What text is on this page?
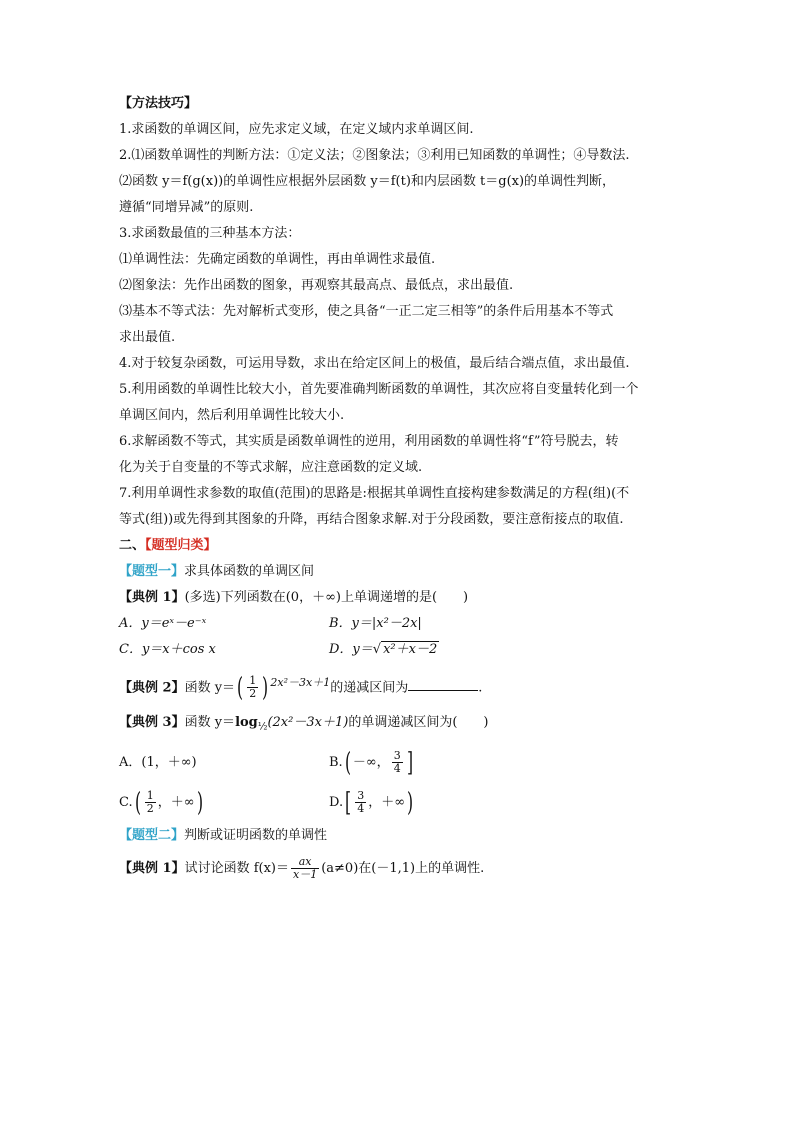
【方法技巧】
1.求函数的单调区间，应先求定义域，在定义域内求单调区间.
2.⑴函数单调性的判断方法：①定义法；②图象法；③利用已知函数的单调性；④导数法.
⑵函数 y＝f(g(x))的单调性应根据外层函数 y＝f(t)和内层函数 t＝g(x)的单调性判断，
遵循“同增异减”的原则.
3.求函数最值的三种基本方法：
⑴单调性法：先确定函数的单调性，再由单调性求最值.
⑵图象法：先作出函数的图象，再观察其最高点、最低点，求出最值.
⑶基本不等式法：先对解析式变形，使之具备“一正二定三相等”的条件后用基本不等式
求出最值.
4.对于较复杂函数，可运用导数，求出在给定区间上的极值，最后结合端点值，求出最值.
5.利用函数的单调性比较大小，首先要准确判断函数的单调性，其次应将自变量转化到一个
单调区间内，然后利用单调性比较大小.
6.求解函数不等式，其实质是函数单调性的逆用，利用函数的单调性将“f”符号脱去，转
化为关于自变量的不等式求解，应注意函数的定义域.
7.利用单调性求参数的取值(范围)的思路是:根据其单调性直接构建参数满足的方程(组)(不
等式(组))或先得到其图象的升降，再结合图象求解.对于分段函数，要注意衔接点的取值.
二、【题型归类】
【题型一】求具体函数的单调区间
【典例 1】(多选)下列函数在(0，＋∞)上单调递增的是(　　)
A．y＝eˣ－e⁻ˣ	B．y＝|x²－2x|
C．y＝x＋cos x	D．y＝√ x²＋x－2
【典例 2】函数 $y=( \frac{1}{2}$ ) $^{2x^2-3x+1}$的递减区间为	.
【典例 3】函数 $y=\log_{\frac{1}{2}}(2x^2-3x+1)$的单调递减区间为(　　)
A．(1，＋∞)	B.( －∞， $\frac{3}{4}$ ]
$C.( \frac{1}{2}$ ，＋∞)	$D.[ \frac{3}{4}$ ，＋∞)
【题型二】判断或证明函数的单调性
【典例 1】试讨论函数 $f(x)= \frac{ax}{x-1} (a\ne 0)$在(－1,1)上的单调性.
